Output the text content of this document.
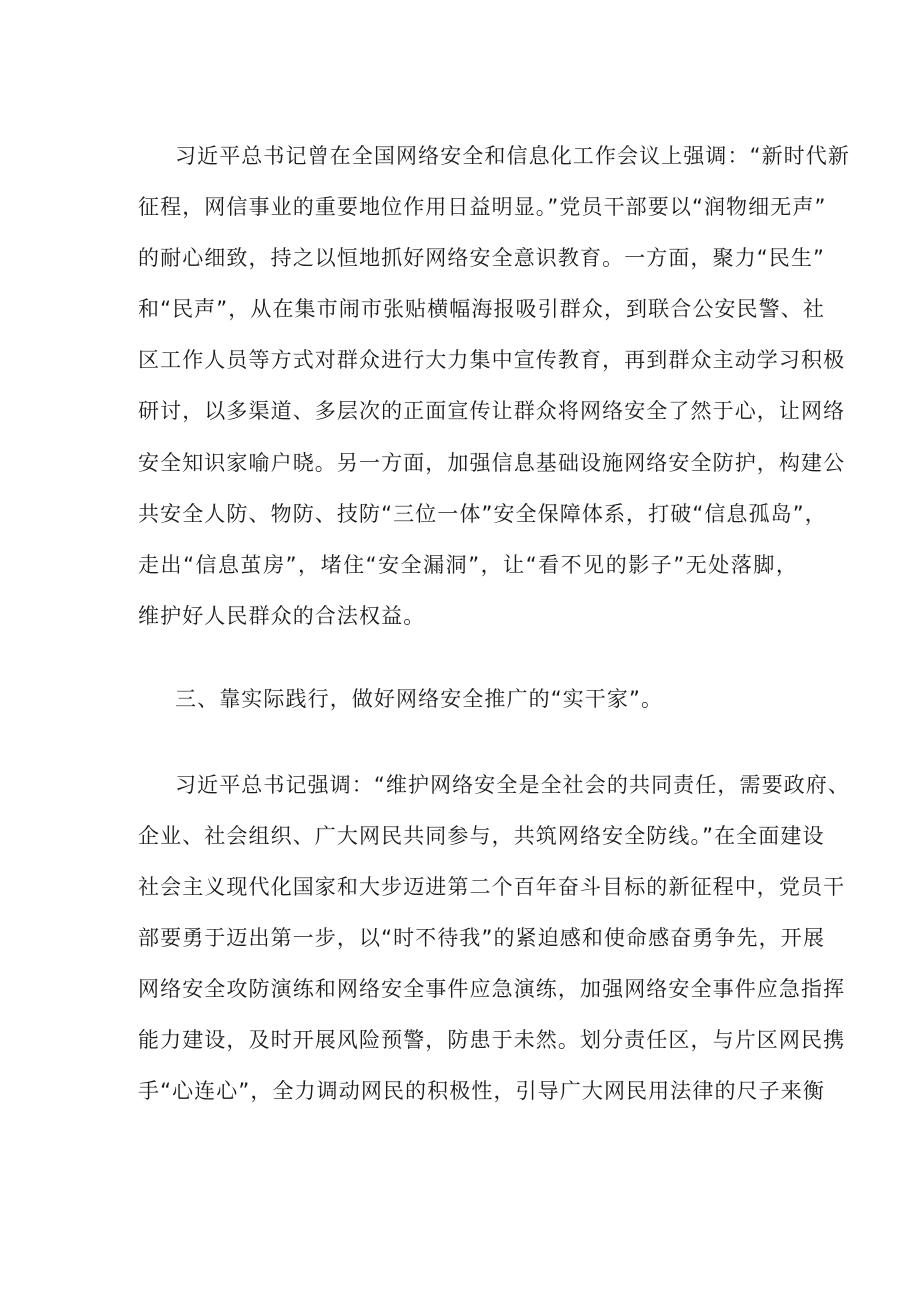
习近平总书记曾在全国网络安全和信息化工作会议上强调：“新时代新
征程，网信事业的重要地位作用日益明显。”党员干部要以“润物细无声”
的耐心细致，持之以恒地抓好网络安全意识教育。一方面，聚力“民生”
和“民声”，从在集市闹市张贴横幅海报吸引群众，到联合公安民警、社
区工作人员等方式对群众进行大力集中宣传教育，再到群众主动学习积极
研讨，以多渠道、多层次的正面宣传让群众将网络安全了然于心，让网络
安全知识家喻户晓。另一方面，加强信息基础设施网络安全防护，构建公
共安全人防、物防、技防“三位一体”安全保障体系，打破“信息孤岛”，
走出“信息茧房”，堵住“安全漏洞”，让“看不见的影子”无处落脚，
维护好人民群众的合法权益。
三、靠实际践行，做好网络安全推广的“实干家”。
习近平总书记强调：“维护网络安全是全社会的共同责任，需要政府、
企业、社会组织、广大网民共同参与，共筑网络安全防线。”在全面建设
社会主义现代化国家和大步迈进第二个百年奋斗目标的新征程中，党员干
部要勇于迈出第一步，以“时不待我”的紧迫感和使命感奋勇争先，开展
网络安全攻防演练和网络安全事件应急演练，加强网络安全事件应急指挥
能力建设，及时开展风险预警，防患于未然。划分责任区，与片区网民携
手“心连心”，全力调动网民的积极性，引导广大网民用法律的尺子来衡
